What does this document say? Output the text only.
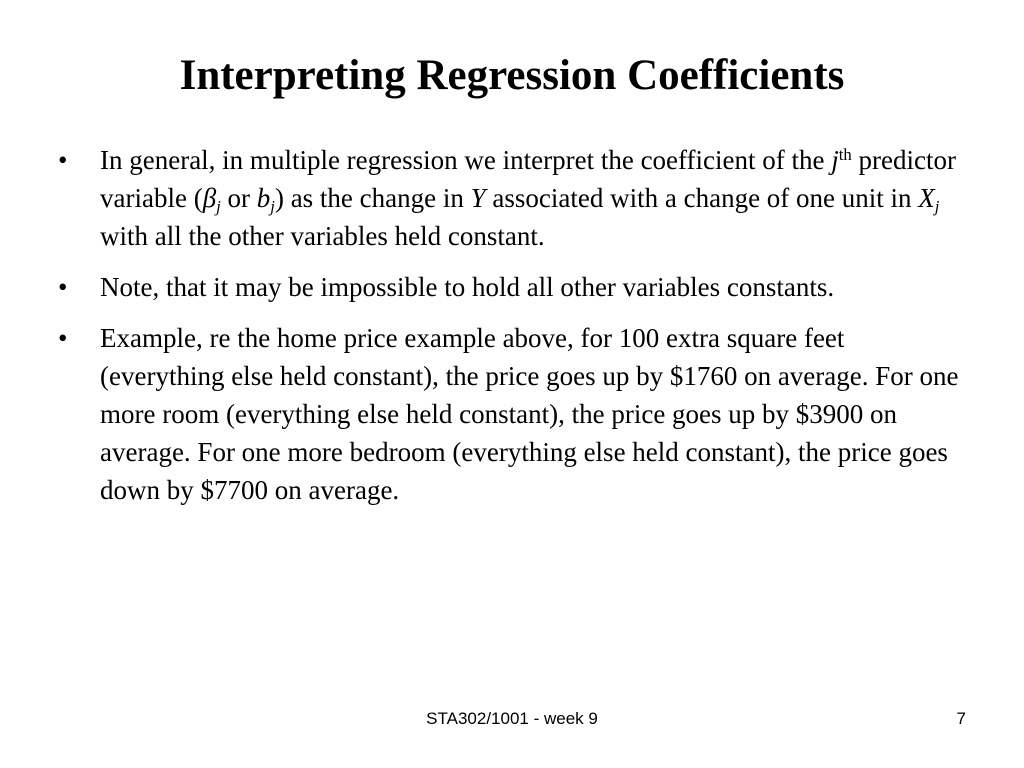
Interpreting Regression Coefficients
• In general, in multiple regression we interpret the coefficient of the $j^{th}$ predictor variable ($\beta_j$ or $b_j$) as the change in Y associated with a change of one unit in $X_j$ with all the other variables held constant.
• Note, that it may be impossible to hold all other variables constants.
• Example, re the home price example above, for 100 extra square feet (everything else held constant), the price goes up by $1760 on average. For one more room (everything else held constant), the price goes up by $3900 on average. For one more bedroom (everything else held constant), the price goes down by $7700 on average.
STA302/1001 - week 9	7
